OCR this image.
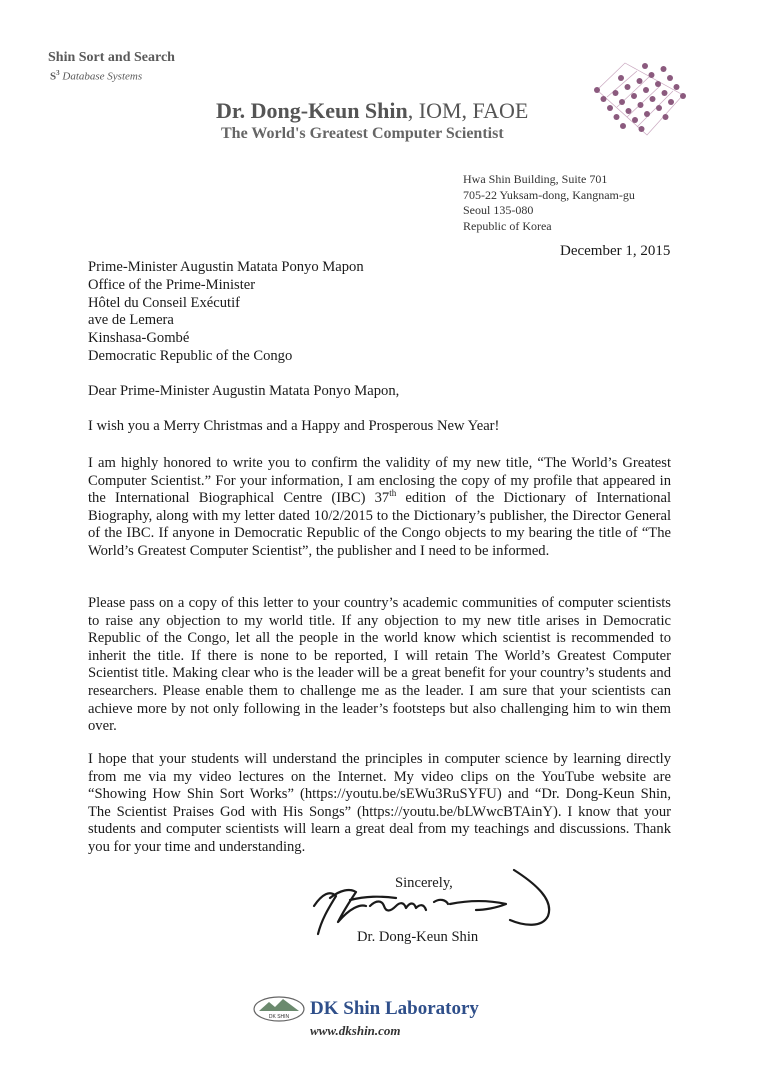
Shin Sort and Search
$S^3$ Database Systems
Dr. Dong-Keun Shin, IOM, FAOE
The World's Greatest Computer Scientist
Hwa Shin Building, Suite 701
705-22 Yuksam-dong, Kangnam-gu
Seoul 135-080
Republic of Korea
December 1, 2015
Prime-Minister Augustin Matata Ponyo Mapon
Office of the Prime-Minister
Hôtel du Conseil Exécutif
ave de Lemera
Kinshasa-Gombé
Democratic Republic of the Congo
Dear Prime-Minister Augustin Matata Ponyo Mapon,
I wish you a Merry Christmas and a Happy and Prosperous New Year!
I am highly honored to write you to confirm the validity of my new title, “The World’s Greatest Computer Scientist.” For your information, I am enclosing the copy of my profile that appeared in the International Biographical Centre (IBC) 37th edition of the Dictionary of International Biography, along with my letter dated 10/2/2015 to the Dictionary’s publisher, the Director General of the IBC. If anyone in Democratic Republic of the Congo objects to my bearing the title of “The World’s Greatest Computer Scientist”, the publisher and I need to be informed.
Please pass on a copy of this letter to your country’s academic communities of computer scientists to raise any objection to my world title. If any objection to my new title arises in Democratic Republic of the Congo, let all the people in the world know which scientist is recommended to inherit the title. If there is none to be reported, I will retain The World’s Greatest Computer Scientist title. Making clear who is the leader will be a great benefit for your country’s students and researchers. Please enable them to challenge me as the leader. I am sure that your scientists can achieve more by not only following in the leader’s footsteps but also challenging him to win them over.
I hope that your students will understand the principles in computer science by learning directly from me via my video lectures on the Internet. My video clips on the YouTube website are “Showing How Shin Sort Works” (https://youtu.be/sEWu3RuSYFU) and “Dr. Dong-Keun Shin, The Scientist Praises God with His Songs” (https://youtu.be/bLWwcBTAinY). I know that your students and computer scientists will learn a great deal from my teachings and discussions. Thank you for your time and understanding.
Sincerely,
Dr. Dong-Keun Shin
DK SHIN DK Shin Laboratory
www.dkshin.com
